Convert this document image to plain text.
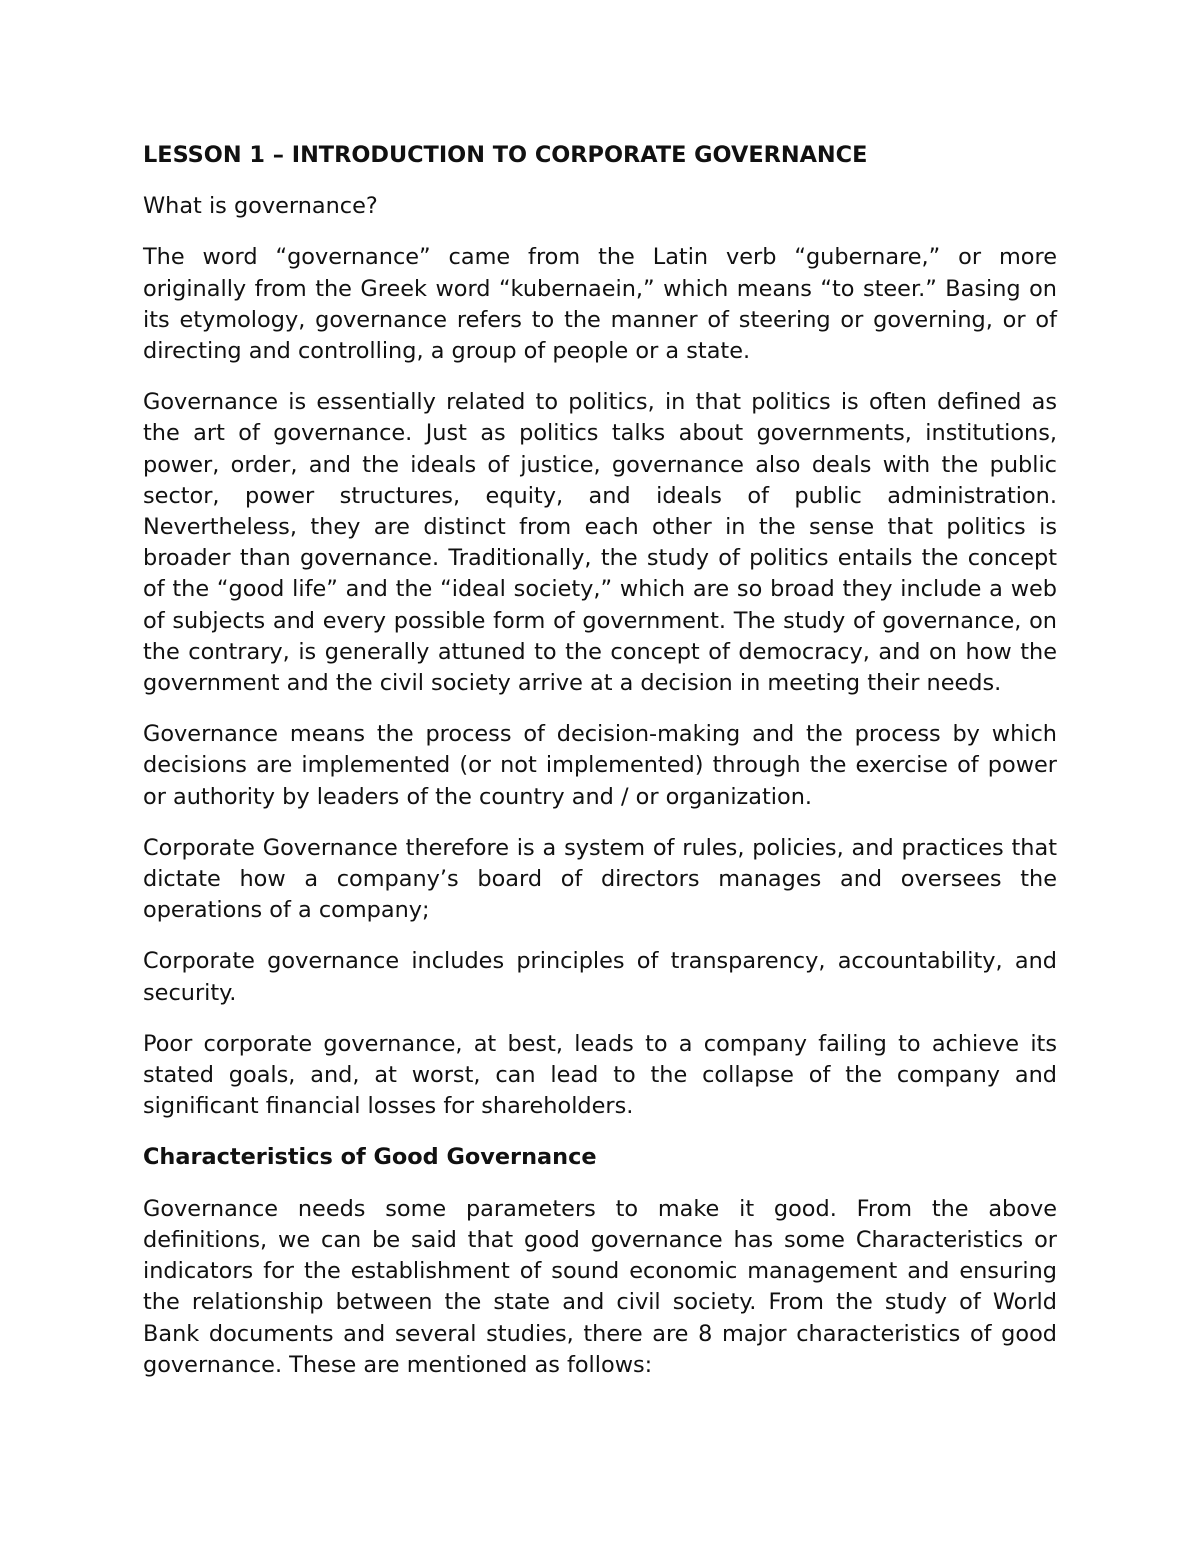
LESSON 1 – INTRODUCTION TO CORPORATE GOVERNANCE

What is governance?

The word “governance” came from the Latin verb “gubernare,” or more originally from the Greek word “kubernaein,” which means “to steer.” Basing on its etymology, governance refers to the manner of steering or governing, or of directing and controlling, a group of people or a state.

Governance is essentially related to politics, in that politics is often defined as the art of governance. Just as politics talks about governments, institutions, power, order, and the ideals of justice, governance also deals with the public sector, power structures, equity, and ideals of public administration. Nevertheless, they are distinct from each other in the sense that politics is broader than governance. Traditionally, the study of politics entails the concept of the “good life” and the “ideal society,” which are so broad they include a web of subjects and every possible form of government. The study of governance, on the contrary, is generally attuned to the concept of democracy, and on how the government and the civil society arrive at a decision in meeting their needs.

Governance means the process of decision-making and the process by which decisions are implemented (or not implemented) through the exercise of power or authority by leaders of the country and / or organization.

Corporate Governance therefore is a system of rules, policies, and practices that dictate how a company’s board of directors manages and oversees the operations of a company;

Corporate governance includes principles of transparency, accountability, and security.

Poor corporate governance, at best, leads to a company failing to achieve its stated goals, and, at worst, can lead to the collapse of the company and significant financial losses for shareholders.

Characteristics of Good Governance

Governance needs some parameters to make it good. From the above definitions, we can be said that good governance has some Characteristics or indicators for the establishment of sound economic management and ensuring the relationship between the state and civil society. From the study of World Bank documents and several studies, there are 8 major characteristics of good governance. These are mentioned as follows:
